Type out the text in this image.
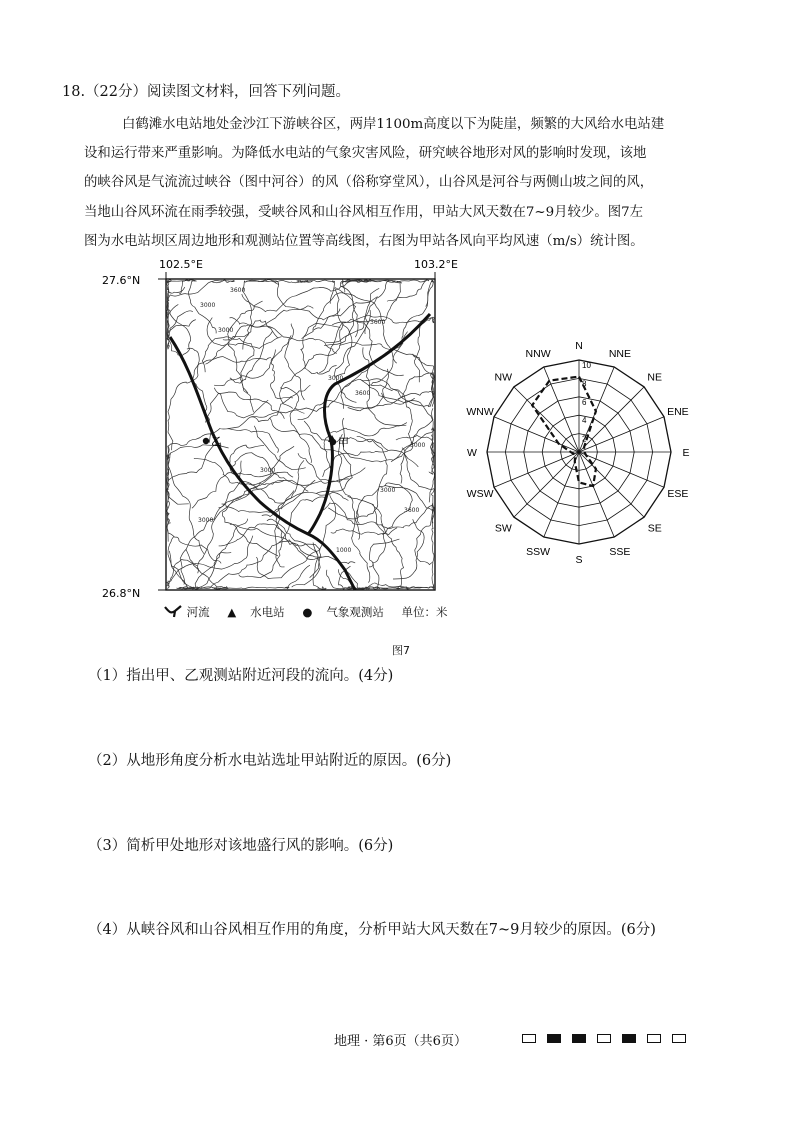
18.（22分）阅读图文材料，回答下列问题。
白鹤滩水电站地处金沙江下游峡谷区，两岸1100m高度以下为陡崖，频繁的大风给水电站建
设和运行带来严重影响。为降低水电站的气象灾害风险，研究峡谷地形对风的影响时发现，该地
的峡谷风是气流流过峡谷（图中河谷）的风（俗称穿堂风），山谷风是河谷与两侧山坡之间的风，
当地山谷风环流在雨季较强，受峡谷风和山谷风相互作用，甲站大风天数在7~9月较少。图7左
图为水电站坝区周边地形和观测站位置等高线图，右图为甲站各风向平均风速（m/s）统计图。
102.5°E	103.2°E
27.6°N
26.8°N
3600
3000
3000
3600
3000
3600
3000
3000
3000
3000
1000
3600
乙	甲
河流 ▲ 水电站 ● 气象观测站 单位：米
N
NNE
NE
ENE
E
ESE
SE
SSE
S
SSW
SW
WSW
W
WNW
NW
NNW
2
4
6
8
10
图7
（1）指出甲、乙观测站附近河段的流向。(4分)
（2）从地形角度分析水电站选址甲站附近的原因。(6分)
（3）简析甲处地形对该地盛行风的影响。(6分)
（4）从峡谷风和山谷风相互作用的角度，分析甲站大风天数在7~9月较少的原因。(6分)
地理 · 第6页（共6页）
